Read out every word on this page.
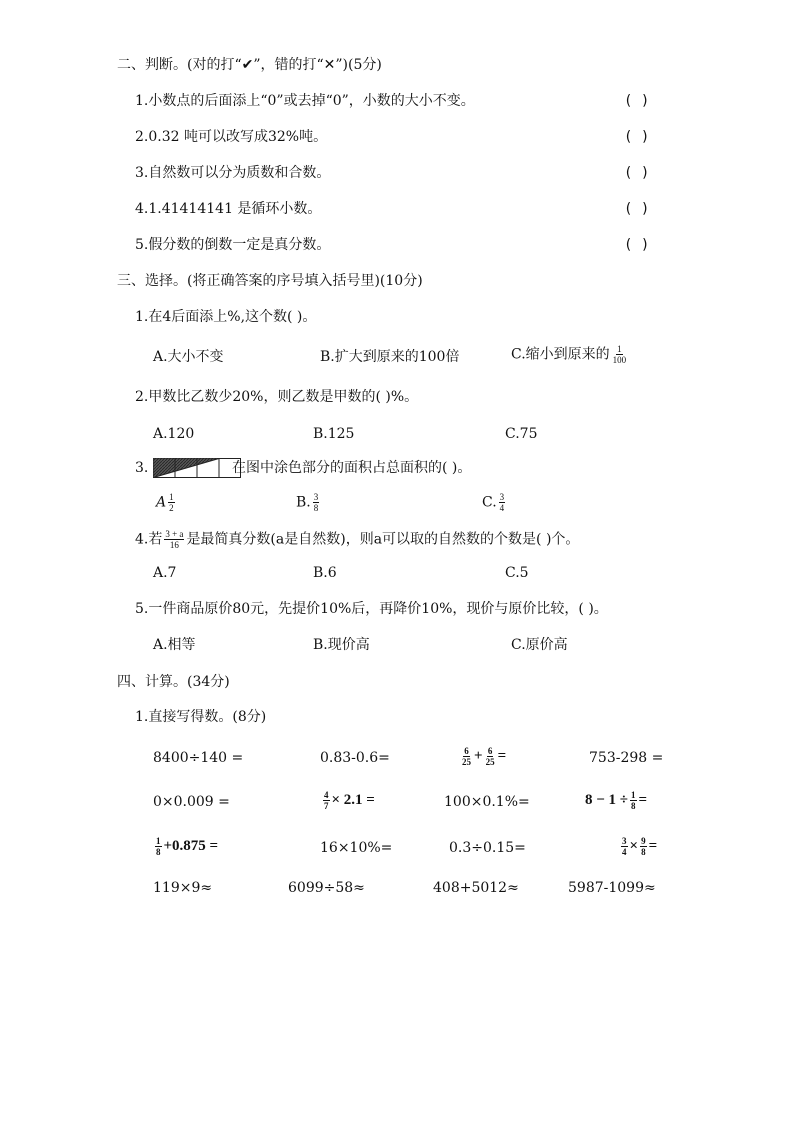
二、判断。(对的打“✔”，错的打“✕”)(5分)
1.小数点的后面添上“0”或去掉“0”，小数的大小不变。	( )
2.0.32 吨可以改写成32%吨。	( )
3.自然数可以分为质数和合数。	( )
4.1.41414141 是循环小数。	( )
5.假分数的倒数一定是真分数。	( )
三、选择。(将正确答案的序号填入括号里)(10分)
1.在4后面添上%,这个数( )。
A.大小不变	B.扩大到原来的100倍	C.缩小到原来的 $\frac{1}{100}$
2.甲数比乙数少20%，则乙数是甲数的( )%。
A.120	B.125	C.75
3.	在图中涂色部分的面积占总面积的( )。
A $\frac{1}{2}$	B. $\frac{3}{8}$	C. $\frac{3}{4}$
4.若 $\frac{3 + a}{16}$ 是最简真分数(a是自然数)，则a可以取的自然数的个数是( )个。
A.7	B.6	C.5
5.一件商品原价80元，先提价10%后，再降价10%，现价与原价比较，( )。
A.相等	B.现价高	C.原价高
四、计算。(34分)
1.直接写得数。(8分)
8400÷140 =	0.83-0.6=	$\frac{6}{25} + \frac{6}{25}$ =	753-298 =
0×0.009 =	$\frac{4}{7} \times 2.1$ =	100×0.1%=	$8 - 1 \div \frac{1}{8}$ =
$\frac{1}{8} +0.875$ =	16×10%=	0.3÷0.15=	$\frac{3}{4} \times \frac{9}{8}$ =
119×9≈	6099÷58≈	408+5012≈	5987-1099≈
